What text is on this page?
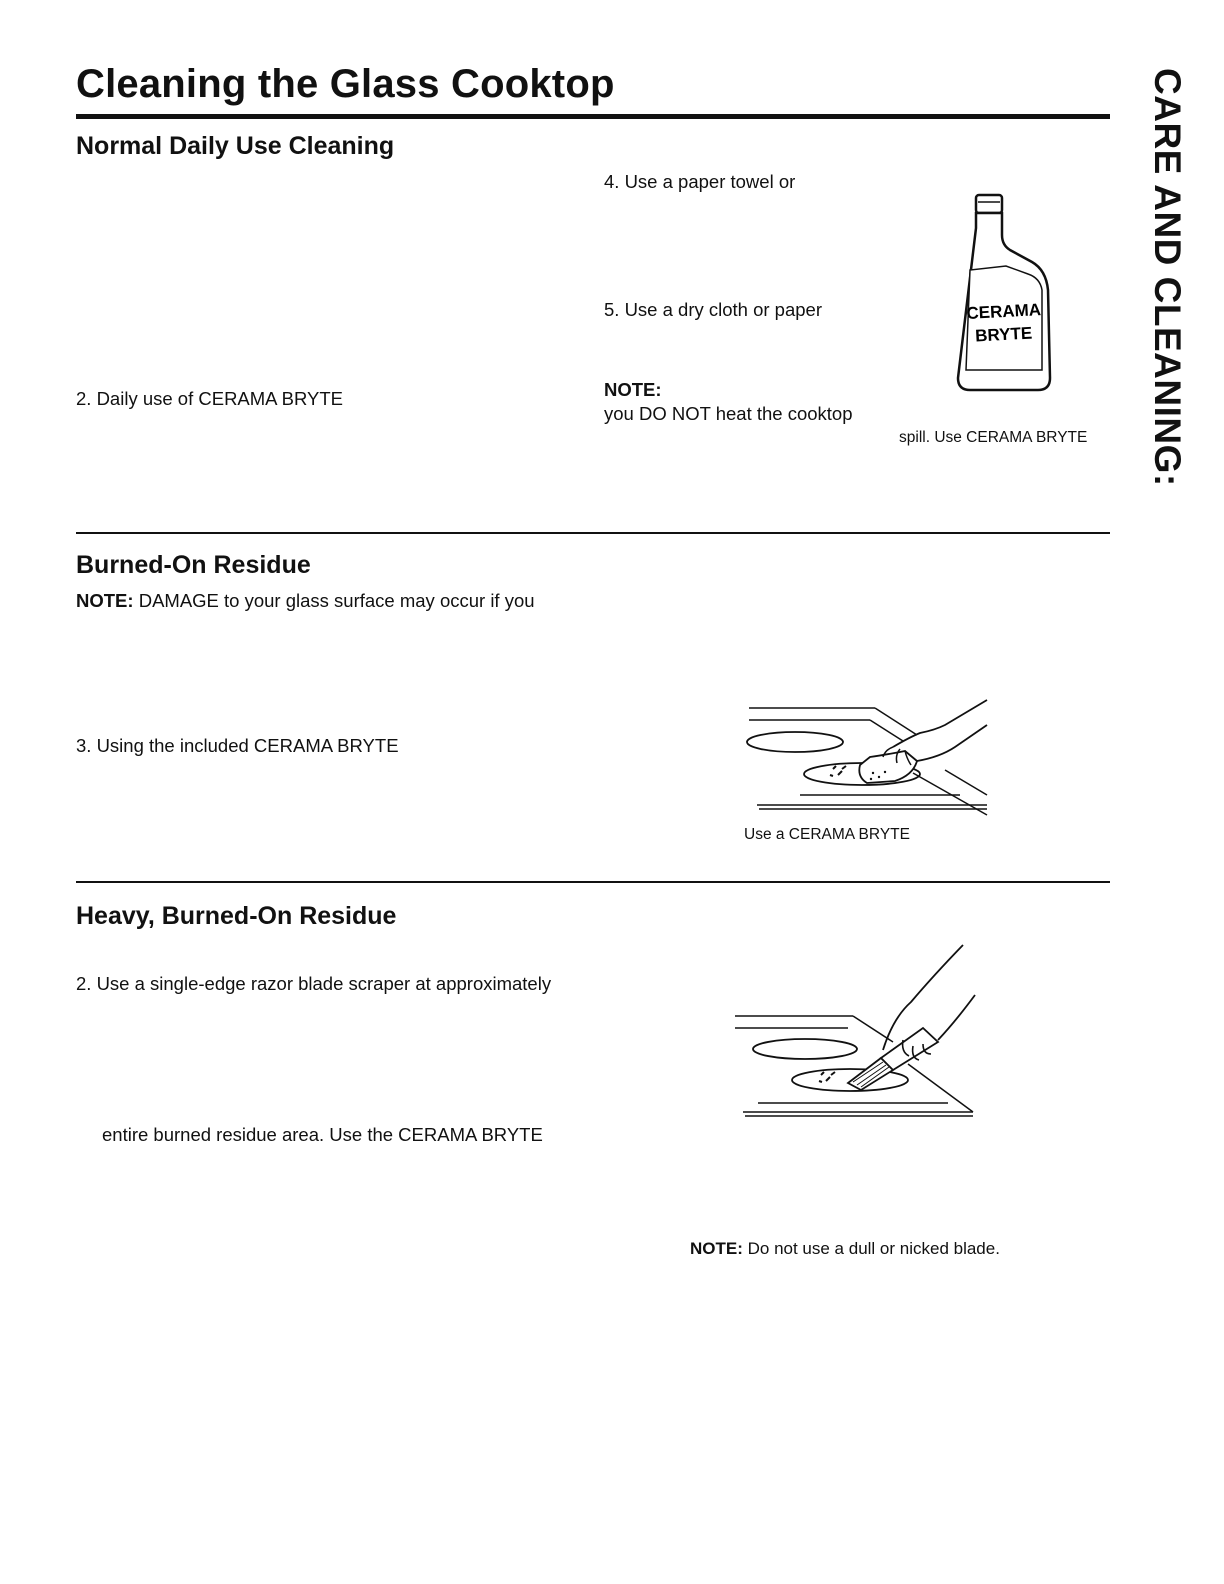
Cleaning the Glass Cooktop	CARE AND CLEANING:
Normal Daily Use Cleaning
2. Daily use of CERAMA BRYTE
4. Use a paper towel or
5. Use a dry cloth or paper
NOTE:
you DO NOT heat the cooktop
spill. Use CERAMA BRYTE
CERAMA
BRYTE
Burned-On Residue
NOTE: DAMAGE to your glass surface may occur if you
3. Using the included CERAMA BRYTE
Use a CERAMA BRYTE
Heavy, Burned-On Residue
2. Use a single-edge razor blade scraper at approximately
entire burned residue area. Use the CERAMA BRYTE
NOTE: Do not use a dull or nicked blade.
